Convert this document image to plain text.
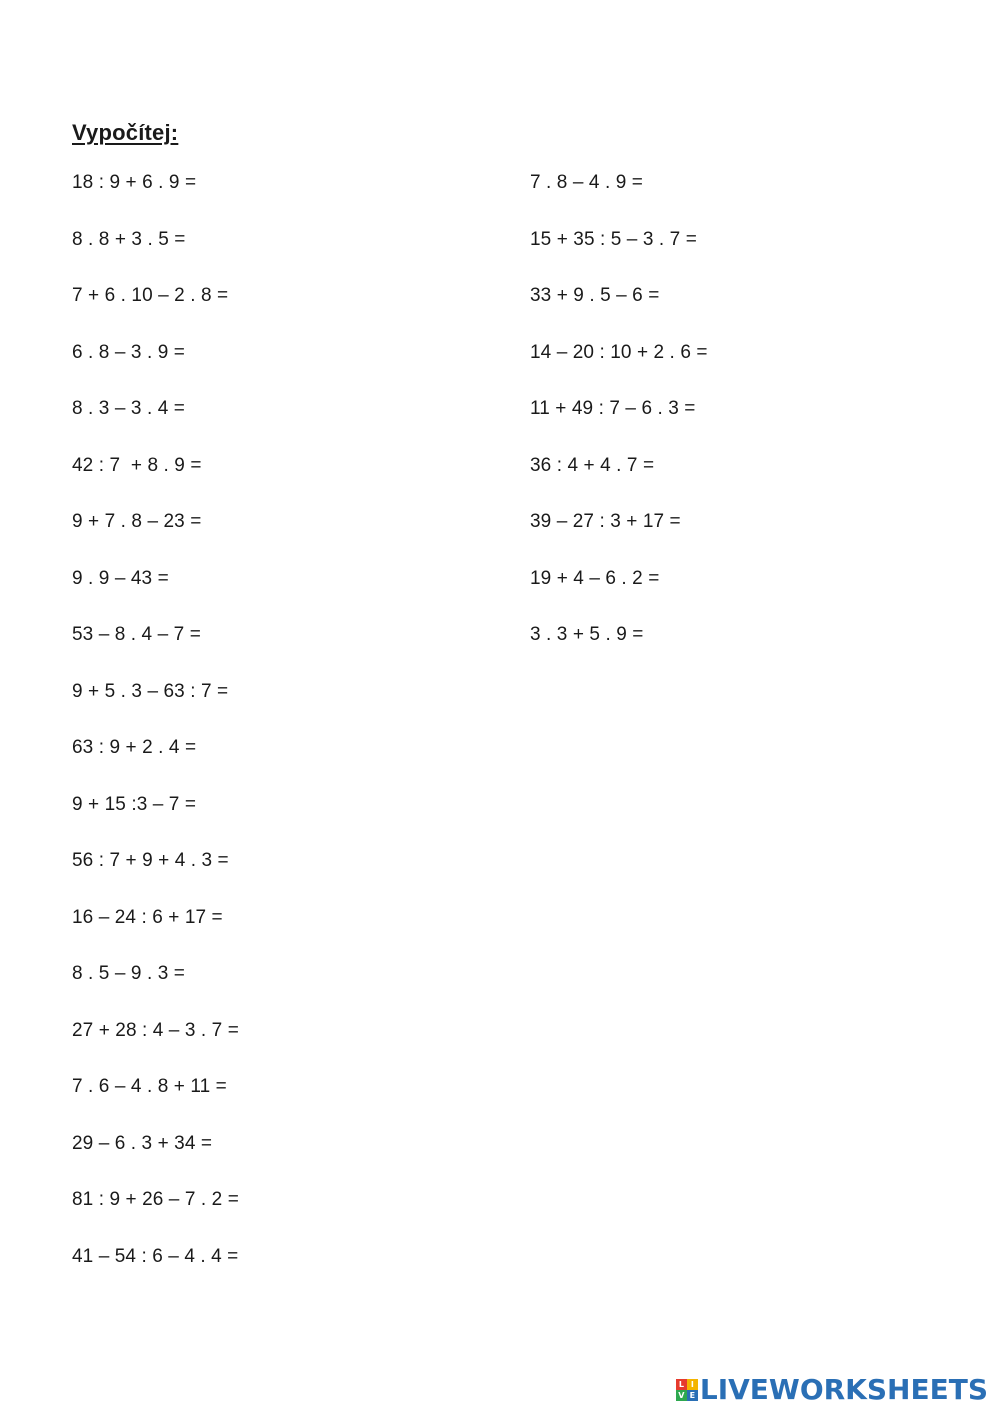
Vypočítej:
18 : 9 + 6 . 9 =
8 . 8 + 3 . 5 =
7 + 6 . 10 – 2 . 8 =
6 . 8 – 3 . 9 =
8 . 3 – 3 . 4 =
42 : 7  + 8 . 9 =
9 + 7 . 8 – 23 =
9 . 9 – 43 =
53 – 8 . 4 – 7 =
9 + 5 . 3 – 63 : 7 =
63 : 9 + 2 . 4 =
9 + 15 :3 – 7 =
56 : 7 + 9 + 4 . 3 =
16 – 24 : 6 + 17 =
8 . 5 – 9 . 3 =
27 + 28 : 4 – 3 . 7 =
7 . 6 – 4 . 8 + 11 =
29 – 6 . 3 + 34 =
81 : 9 + 26 – 7 . 2 =
41 – 54 : 6 – 4 . 4 =
7 . 8 – 4 . 9 =
15 + 35 : 5 – 3 . 7 =
33 + 9 . 5 – 6 =
14 – 20 : 10 + 2 . 6 =
11 + 49 : 7 – 6 . 3 =
36 : 4 + 4 . 7 =
39 – 27 : 3 + 17 =
19 + 4 – 6 . 2 =
3 . 3 + 5 . 9 =
L I
V E LIVEWORKSHEETS
